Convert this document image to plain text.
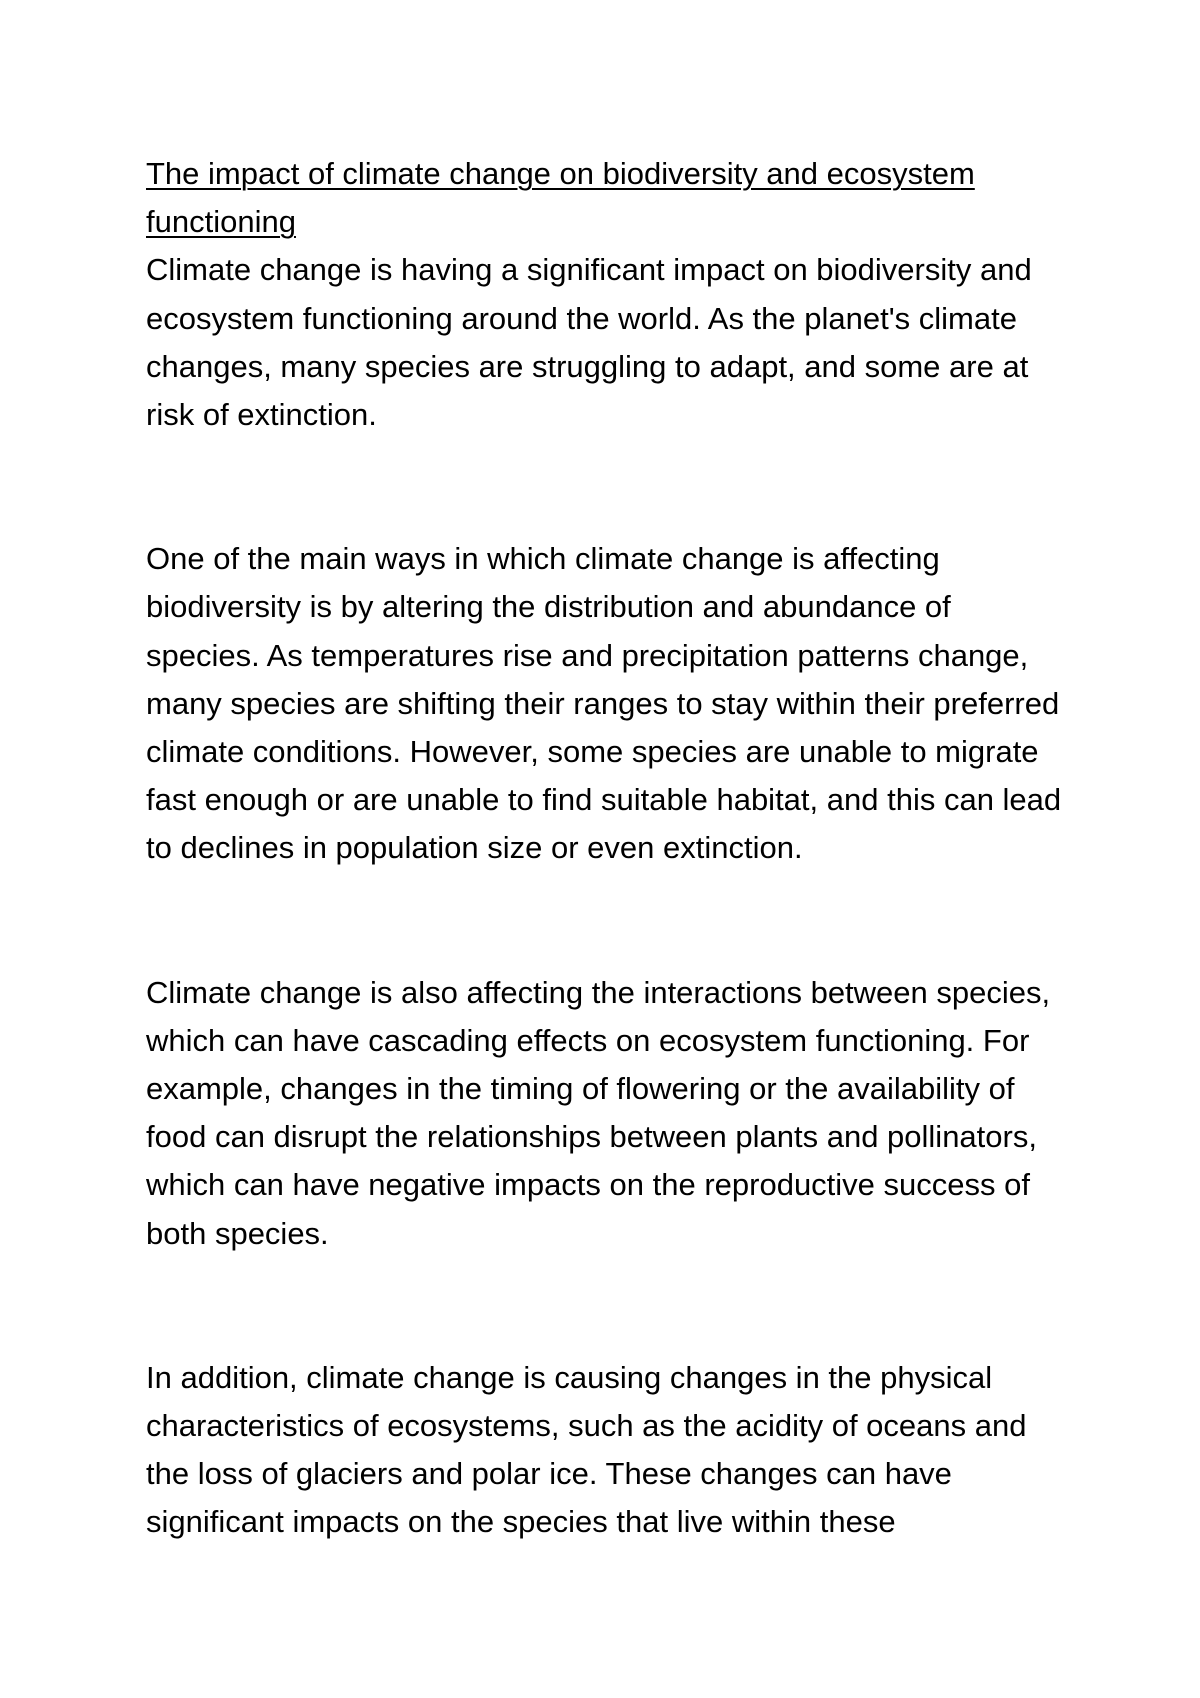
The impact of climate change on biodiversity and ecosystem functioning

Climate change is having a significant impact on biodiversity and ecosystem functioning around the world. As the planet's climate changes, many species are struggling to adapt, and some are at risk of extinction.

One of the main ways in which climate change is affecting biodiversity is by altering the distribution and abundance of species. As temperatures rise and precipitation patterns change, many species are shifting their ranges to stay within their preferred climate conditions. However, some species are unable to migrate fast enough or are unable to find suitable habitat, and this can lead to declines in population size or even extinction.

Climate change is also affecting the interactions between species, which can have cascading effects on ecosystem functioning. For example, changes in the timing of flowering or the availability of food can disrupt the relationships between plants and pollinators, which can have negative impacts on the reproductive success of both species.

In addition, climate change is causing changes in the physical characteristics of ecosystems, such as the acidity of oceans and the loss of glaciers and polar ice. These changes can have significant impacts on the species that live within these
